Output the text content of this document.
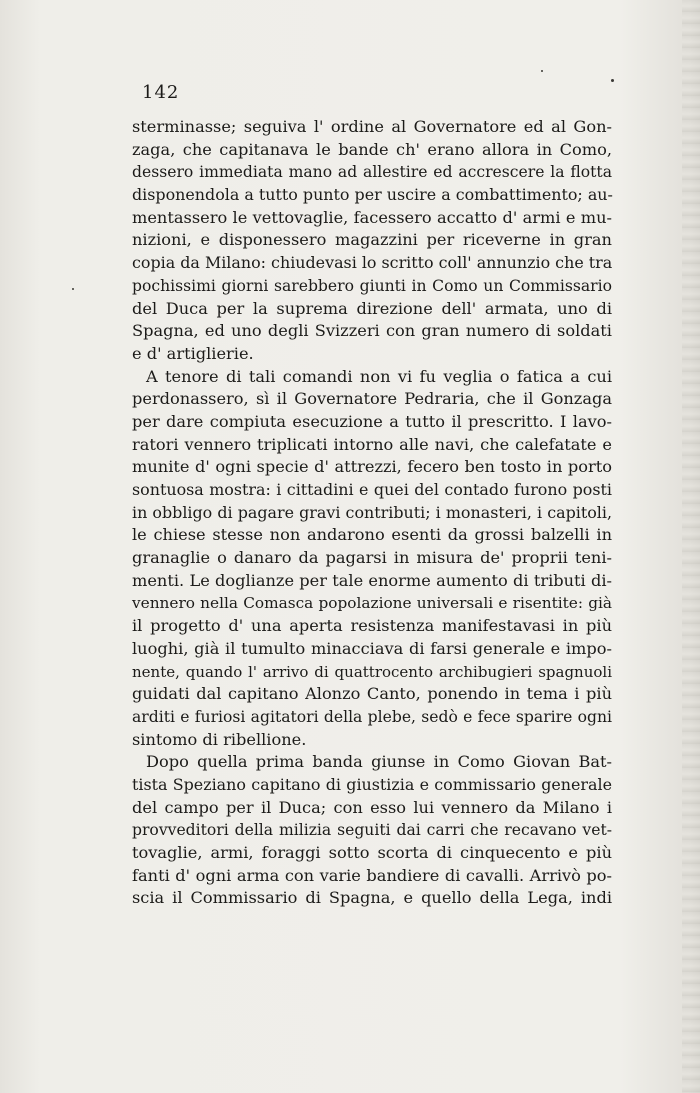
142
sterminasse; seguiva l' ordine al Governatore ed al Gon-
zaga, che capitanava le bande ch' erano allora in Como,
dessero immediata mano ad allestire ed accrescere la flotta
disponendola a tutto punto per uscire a combattimento; au-
mentassero le vettovaglie, facessero accatto d' armi e mu-
nizioni, e disponessero magazzini per riceverne in gran
copia da Milano: chiudevasi lo scritto coll' annunzio che tra
pochissimi giorni sarebbero giunti in Como un Commissario
del Duca per la suprema direzione dell' armata, uno di
Spagna, ed uno degli Svizzeri con gran numero di soldati
e d' artiglierie.
A tenore di tali comandi non vi fu veglia o fatica a cui
perdonassero, sì il Governatore Pedraria, che il Gonzaga
per dare compiuta esecuzione a tutto il prescritto. I lavo-
ratori vennero triplicati intorno alle navi, che calefatate e
munite d' ogni specie d' attrezzi, fecero ben tosto in porto
sontuosa mostra: i cittadini e quei del contado furono posti
in obbligo di pagare gravi contributi; i monasteri, i capitoli,
le chiese stesse non andarono esenti da grossi balzelli in
granaglie o danaro da pagarsi in misura de' proprii teni-
menti. Le doglianze per tale enorme aumento di tributi di-
vennero nella Comasca popolazione universali e risentite: già
il progetto d' una aperta resistenza manifestavasi in più
luoghi, già il tumulto minacciava di farsi generale e impo-
nente, quando l' arrivo di quattrocento archibugieri spagnuoli
guidati dal capitano Alonzo Canto, ponendo in tema i più
arditi e furiosi agitatori della plebe, sedò e fece sparire ogni
sintomo di ribellione.
Dopo quella prima banda giunse in Como Giovan Bat-
tista Speziano capitano di giustizia e commissario generale
del campo per il Duca; con esso lui vennero da Milano i
provveditori della milizia seguiti dai carri che recavano vet-
tovaglie, armi, foraggi sotto scorta di cinquecento e più
fanti d' ogni arma con varie bandiere di cavalli. Arrivò po-
scia il Commissario di Spagna, e quello della Lega, indi
